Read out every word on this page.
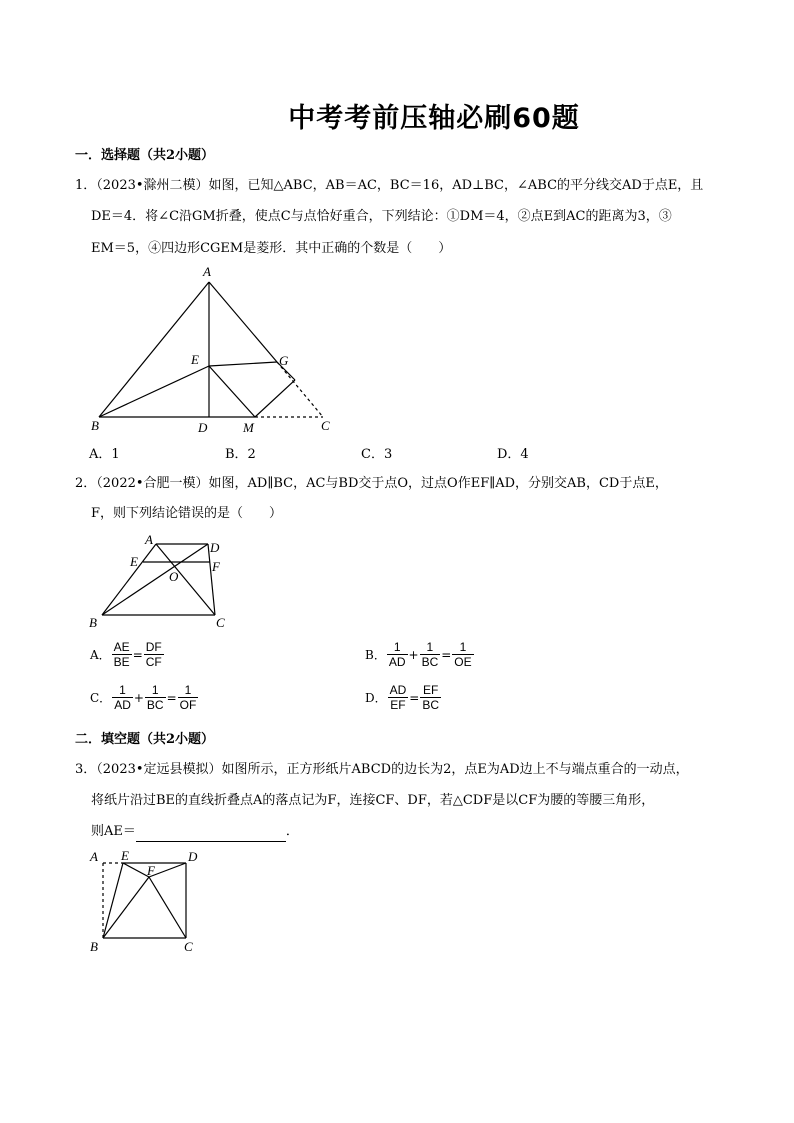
中考考前压轴必刷60题
一．选择题（共2小题）
1．（2023•滁州二模）如图，已知△ABC，AB＝AC，BC＝16，AD⊥BC，∠ABC的平分线交AD于点E，且
DE＝4．将∠C沿GM折叠，使点C与点恰好重合，下列结论：①DM＝4，②点E到AC的距离为3，③
EM＝5，④四边形CGEM是菱形．其中正确的个数是（　　）
A
B	C
D
E	G
M
A．1	B．2	C．3	D．4
2．（2022•合肥一模）如图，AD∥BC，AC与BD交于点O，过点O作EF∥AD，分别交AB，CD于点E，
F，则下列结论错误的是（　　）
A
D
E	F
O
B	C
A． $\frac{AE}{BE} = \frac{DF}{CF}$	B． $\frac{1}{AD} + \frac{1}{BC} = \frac{1}{OE}$
C． $\frac{1}{AD} + \frac{1}{BC} = \frac{1}{OF}$	D． $\frac{AD}{EF} = \frac{EF}{BC}$
二．填空题（共2小题）
3．（2023•定远县模拟）如图所示，正方形纸片ABCD的边长为2，点E为AD边上不与端点重合的一动点，
将纸片沿过BE的直线折叠点A的落点记为F，连接CF、DF，若△CDF是以CF为腰的等腰三角形，
则AE＝	．
A E	D
F
B	C
